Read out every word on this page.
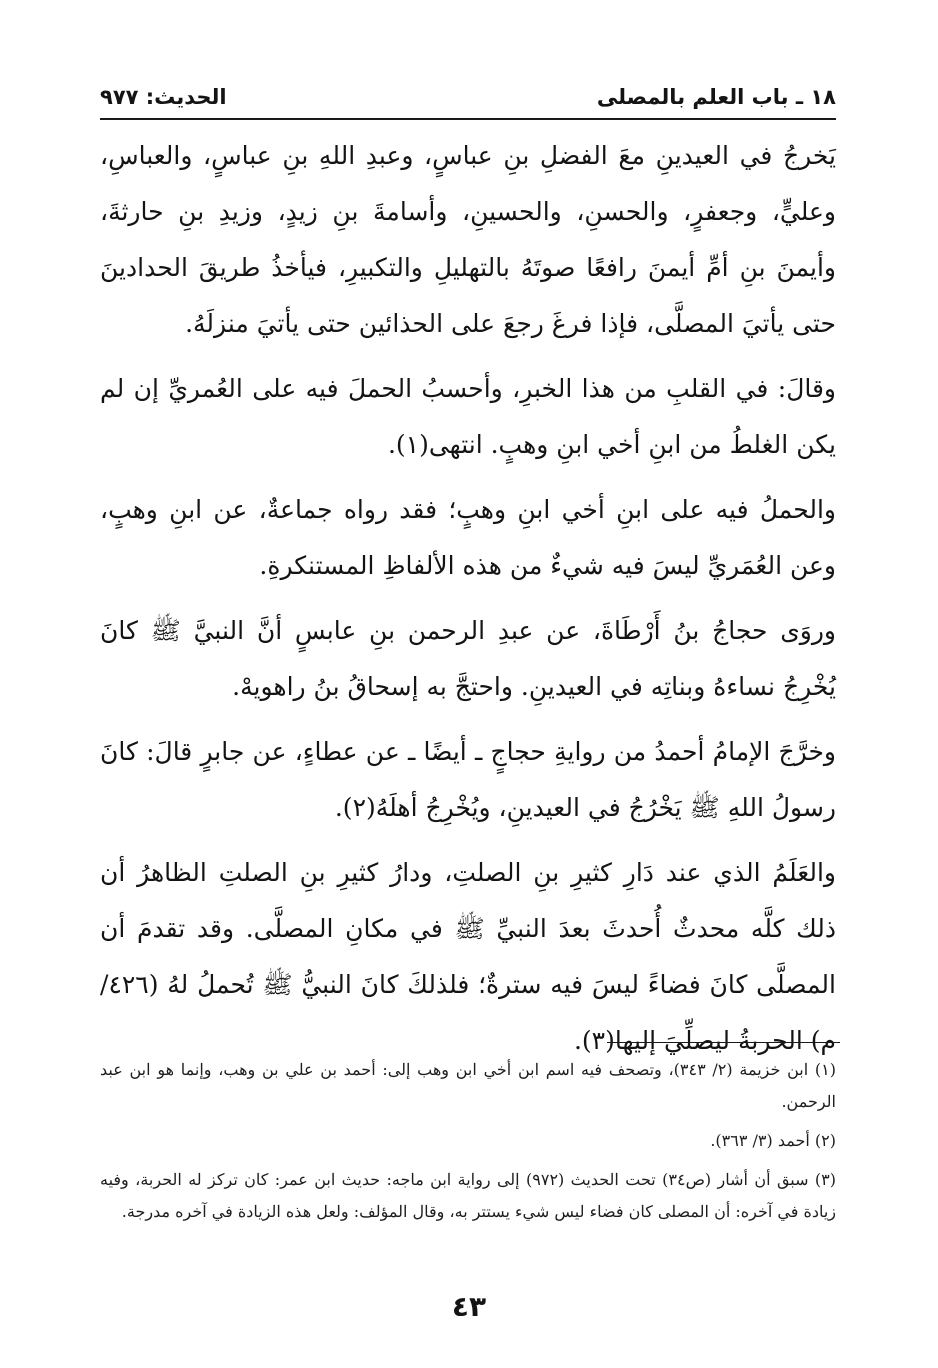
الحديث: ٩٧٧	١٨ ـ باب العلم بالمصلى

يَخرجُ في العيدينِ معَ الفضلِ بنِ عباسٍ، وعبدِ اللهِ بنِ عباسٍ، والعباسِ، وعليٍّ، وجعفرٍ، والحسنِ، والحسينِ، وأسامةَ بنِ زيدٍ، وزيدِ بنِ حارثةَ، وأيمنَ بنِ أمِّ أيمنَ رافعًا صوتَهُ بالتهليلِ والتكبيرِ، فيأخذُ طريقَ الحدادينَ حتى يأتيَ المصلَّى، فإذا فرغَ رجعَ على الحذائين حتى يأتيَ منزلَهُ.

وقالَ: في القلبِ من هذا الخبرِ، وأحسبُ الحملَ فيه على العُمريِّ إن لم يكن الغلطُ من ابنِ أخي ابنِ وهبٍ. انتهى(١).

والحملُ فيه على ابنِ أخي ابنِ وهبٍ؛ فقد رواه جماعةٌ، عن ابنِ وهبٍ، وعن العُمَريِّ ليسَ فيه شيءٌ من هذه الألفاظِ المستنكرةِ.

وروَى حجاجُ بنُ أَرْطَاةَ، عن عبدِ الرحمن بنِ عابسٍ أنَّ النبيَّ ﷺ كانَ يُخْرِجُ نساءهُ وبناتِه في العيدينِ. واحتجَّ به إسحاقُ بنُ راهويهْ.

وخرَّجَ الإمامُ أحمدُ من روايةِ حجاجٍ ـ أيضًا ـ عن عطاءٍ، عن جابرٍ قالَ: كانَ رسولُ اللهِ ﷺ يَخْرُجُ في العيدينِ، ويُخْرِجُ أهلَهُ(٢).

والعَلَمُ الذي عند دَارِ كثيرِ بنِ الصلتِ، ودارُ كثيرِ بنِ الصلتِ الظاهرُ أن ذلك كلَّه محدثٌ أُحدثَ بعدَ النبيِّ ﷺ في مكانِ المصلَّى. وقد تقدمَ أن المصلَّى كانَ فضاءً ليسَ فيه سترةٌ؛ فلذلكَ كانَ النبيُّ ﷺ تُحملُ لهُ (٤٢٦/م) الحربةُ ليصلِّيَ إليها(٣).

(١) ابن خزيمة (٢/ ٣٤٣)، وتصحف فيه اسم ابن أخي ابن وهب إلى: أحمد بن علي بن وهب، وإنما هو ابن عبد الرحمن.

(٢) أحمد (٣/ ٣٦٣).

(٣) سبق أن أشار (ص٣٤) تحت الحديث (٩٧٢) إلى رواية ابن ماجه: حديث ابن عمر: كان تركز له الحربة، وفيه زيادة في آخره: أن المصلى كان فضاء ليس شيء يستتر به، وقال المؤلف: ولعل هذه الزيادة في آخره مدرجة.

٤٣
